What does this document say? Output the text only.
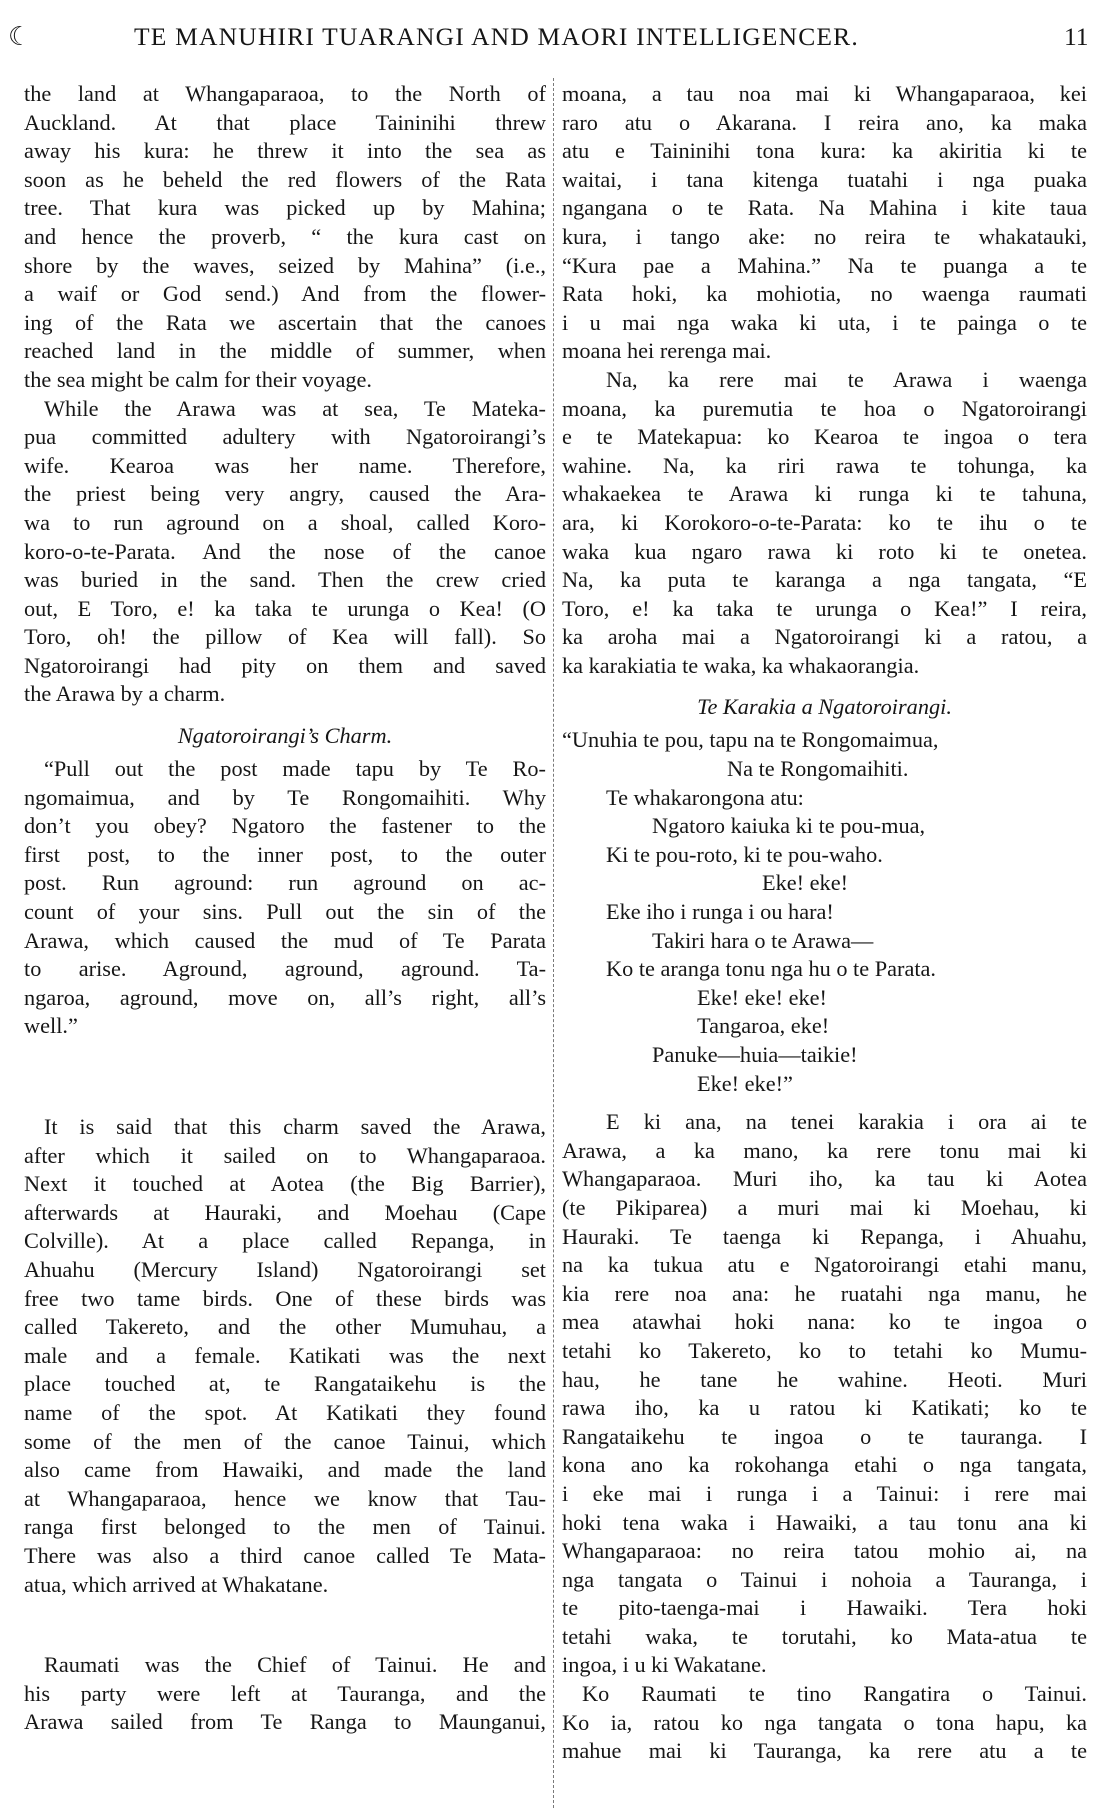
☾	TE MANUHIRI TUARANGI AND MAORI INTELLIGENCER.	11
the land at Whangaparaoa, to the North of
Auckland. At that place Taininihi threw
away his kura: he threw it into the sea as
soon as he beheld the red flowers of the Rata
tree. That kura was picked up by Mahina;
and hence the proverb, “ the kura cast on
shore by the waves, seized by Mahina” (i.e.,
a waif or God send.) And from the flower-
ing of the Rata we ascertain that the canoes
reached land in the middle of summer, when
the sea might be calm for their voyage.
While the Arawa was at sea, Te Mateka-
pua committed adultery with Ngatoroirangi’s
wife. Kearoa was her name. Therefore,
the priest being very angry, caused the Ara-
wa to run aground on a shoal, called Koro-
koro-o-te-Parata. And the nose of the canoe
was buried in the sand. Then the crew cried
out, E Toro, e! ka taka te urunga o Kea! (O
Toro, oh! the pillow of Kea will fall). So
Ngatoroirangi had pity on them and saved
the Arawa by a charm.
Ngatoroirangi’s Charm.
“Pull out the post made tapu by Te Ro-
ngomaimua, and by Te Rongomaihiti. Why
don’t you obey? Ngatoro the fastener to the
first post, to the inner post, to the outer
post. Run aground: run aground on ac-
count of your sins. Pull out the sin of the
Arawa, which caused the mud of Te Parata
to arise. Aground, aground, aground. Ta-
ngaroa, aground, move on, all’s right, all’s
well.”
It is said that this charm saved the Arawa,
after which it sailed on to Whangaparaoa.
Next it touched at Aotea (the Big Barrier),
afterwards at Hauraki, and Moehau (Cape
Colville). At a place called Repanga, in
Ahuahu (Mercury Island) Ngatoroirangi set
free two tame birds. One of these birds was
called Takereto, and the other Mumuhau, a
male and a female. Katikati was the next
place touched at, te Rangataikehu is the
name of the spot. At Katikati they found
some of the men of the canoe Tainui, which
also came from Hawaiki, and made the land
at Whangaparaoa, hence we know that Tau-
ranga first belonged to the men of Tainui.
There was also a third canoe called Te Mata-
atua, which arrived at Whakatane.
Raumati was the Chief of Tainui. He and
his party were left at Tauranga, and the
Arawa sailed from Te Ranga to Maunganui,
moana, a tau noa mai ki Whangaparaoa, kei
raro atu o Akarana. I reira ano, ka maka
atu e Taininihi tona kura: ka akiritia ki te
waitai, i tana kitenga tuatahi i nga puaka
ngangana o te Rata. Na Mahina i kite taua
kura, i tango ake: no reira te whakatauki,
“Kura pae a Mahina.” Na te puanga a te
Rata hoki, ka mohiotia, no waenga raumati
i u mai nga waka ki uta, i te painga o te
moana hei rerenga mai.
Na, ka rere mai te Arawa i waenga
moana, ka puremutia te hoa o Ngatoroirangi
e te Matekapua: ko Kearoa te ingoa o tera
wahine. Na, ka riri rawa te tohunga, ka
whakaekea te Arawa ki runga ki te tahuna,
ara, ki Korokoro-o-te-Parata: ko te ihu o te
waka kua ngaro rawa ki roto ki te onetea.
Na, ka puta te karanga a nga tangata, “E
Toro, e! ka taka te urunga o Kea!” I reira,
ka aroha mai a Ngatoroirangi ki a ratou, a
ka karakiatia te waka, ka whakaorangia.
Te Karakia a Ngatoroirangi.
“Unuhia te pou, tapu na te Rongomaimua,
Na te Rongomaihiti.
Te whakarongona atu:
Ngatoro kaiuka ki te pou-mua,
Ki te pou-roto, ki te pou-waho.
Eke! eke!
Eke iho i runga i ou hara!
Takiri hara o te Arawa—
Ko te aranga tonu nga hu o te Parata.
Eke! eke! eke!
Tangaroa, eke!
Panuke—huia—taikie!
Eke! eke!”
E ki ana, na tenei karakia i ora ai te
Arawa, a ka mano, ka rere tonu mai ki
Whangaparaoa. Muri iho, ka tau ki Aotea
(te Pikiparea) a muri mai ki Moehau, ki
Hauraki. Te taenga ki Repanga, i Ahuahu,
na ka tukua atu e Ngatoroirangi etahi manu,
kia rere noa ana: he ruatahi nga manu, he
mea atawhai hoki nana: ko te ingoa o
tetahi ko Takereto, ko to tetahi ko Mumu-
hau, he tane he wahine. Heoti. Muri
rawa iho, ka u ratou ki Katikati; ko te
Rangataikehu te ingoa o te tauranga. I
kona ano ka rokohanga etahi o nga tangata,
i eke mai i runga i a Tainui: i rere mai
hoki tena waka i Hawaiki, a tau tonu ana ki
Whangaparaoa: no reira tatou mohio ai, na
nga tangata o Tainui i nohoia a Tauranga, i
te pito-taenga-mai i Hawaiki. Tera hoki
tetahi waka, te torutahi, ko Mata-atua te
ingoa, i u ki Wakatane.
Ko Raumati te tino Rangatira o Tainui.
Ko ia, ratou ko nga tangata o tona hapu, ka
mahue mai ki Tauranga, ka rere atu a te
